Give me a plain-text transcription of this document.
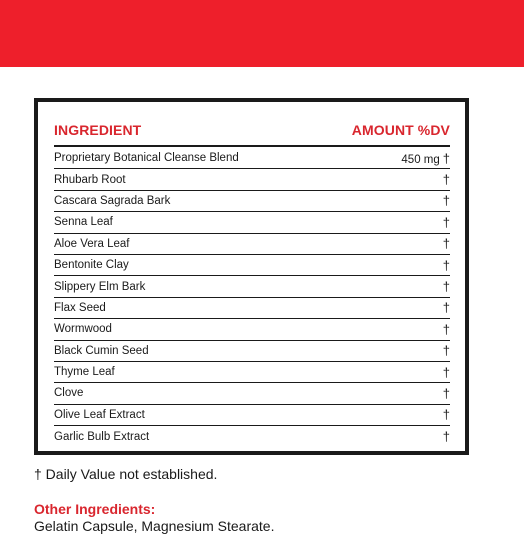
INGREDIENT	AMOUNT %DV
Proprietary Botanical Cleanse Blend	450 mg †
Rhubarb Root	†
Cascara Sagrada Bark	†
Senna Leaf	†
Aloe Vera Leaf	†
Bentonite Clay	†
Slippery Elm Bark	†
Flax Seed	†
Wormwood	†
Black Cumin Seed	†
Thyme Leaf	†
Clove	†
Olive Leaf Extract	†
Garlic Bulb Extract	†
† Daily Value not established.
Other Ingredients:
Gelatin Capsule, Magnesium Stearate.
